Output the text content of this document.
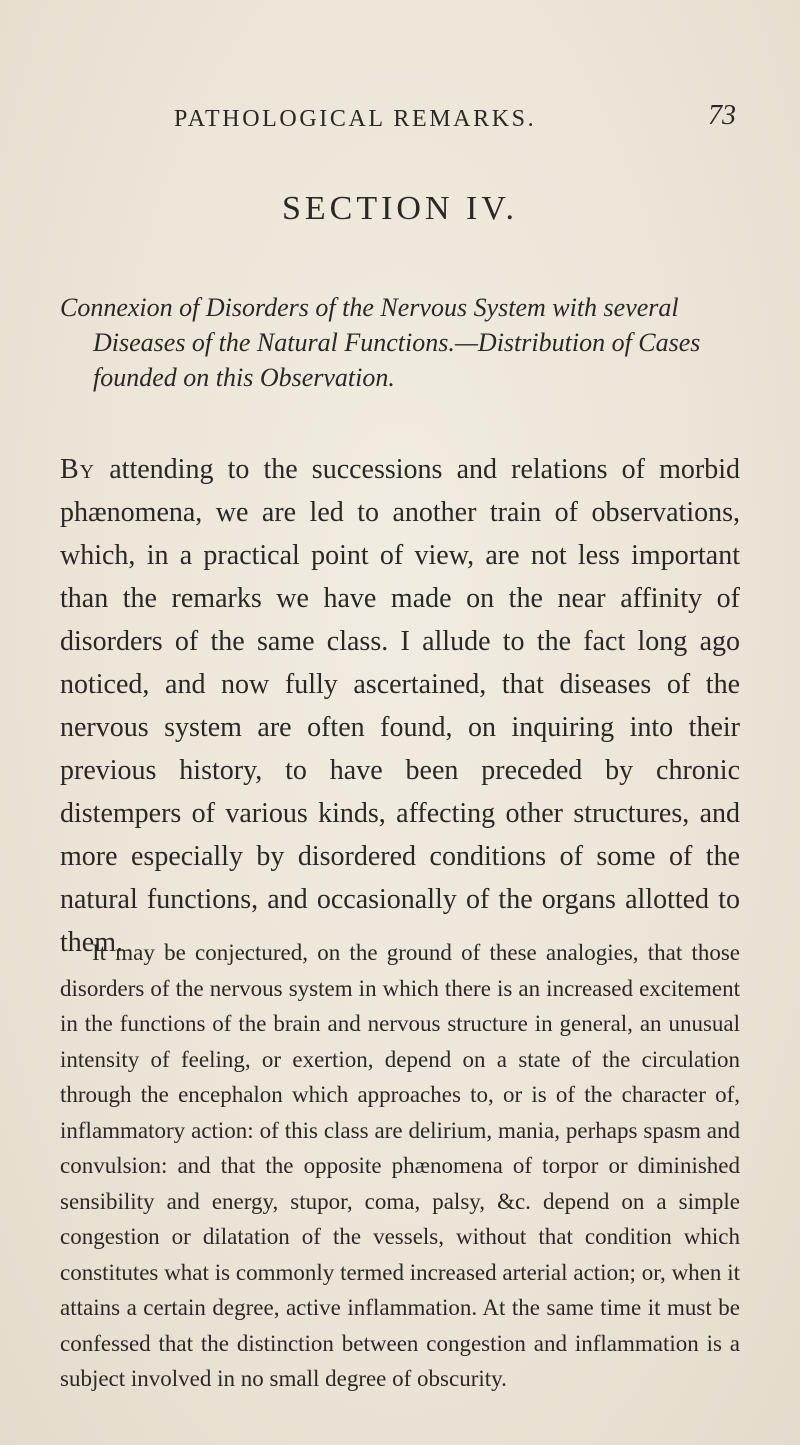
PATHOLOGICAL REMARKS.	73
SECTION IV.
Connexion of Disorders of the Nervous System with several
Diseases of the Natural Functions.—Distribution of Cases
founded on this Observation.

By attending to the successions and relations of morbid phænomena, we are led to another train of observations, which, in a practical point of view, are not less important than the remarks we have made on the near affinity of disorders of the same class. I allude to the fact long ago noticed, and now fully ascertained, that diseases of the nervous system are often found, on inquiring into their previous history, to have been preceded by chronic distempers of various kinds, affecting other structures, and more especially by disordered conditions of some of the natural functions, and occasionally of the organs allotted to them.

It may be conjectured, on the ground of these analogies, that those disorders of the nervous system in which there is an increased excitement in the functions of the brain and nervous structure in general, an unusual intensity of feeling, or exertion, depend on a state of the circulation through the encephalon which approaches to, or is of the character of, inflammatory action: of this class are delirium, mania, perhaps spasm and convulsion: and that the opposite phænomena of torpor or diminished sensibility and energy, stupor, coma, palsy, &c. depend on a simple congestion or dilatation of the vessels, without that condition which constitutes what is commonly termed increased arterial action; or, when it attains a certain degree, active inflammation. At the same time it must be confessed that the distinction between congestion and inflammation is a subject involved in no small degree of obscurity.
